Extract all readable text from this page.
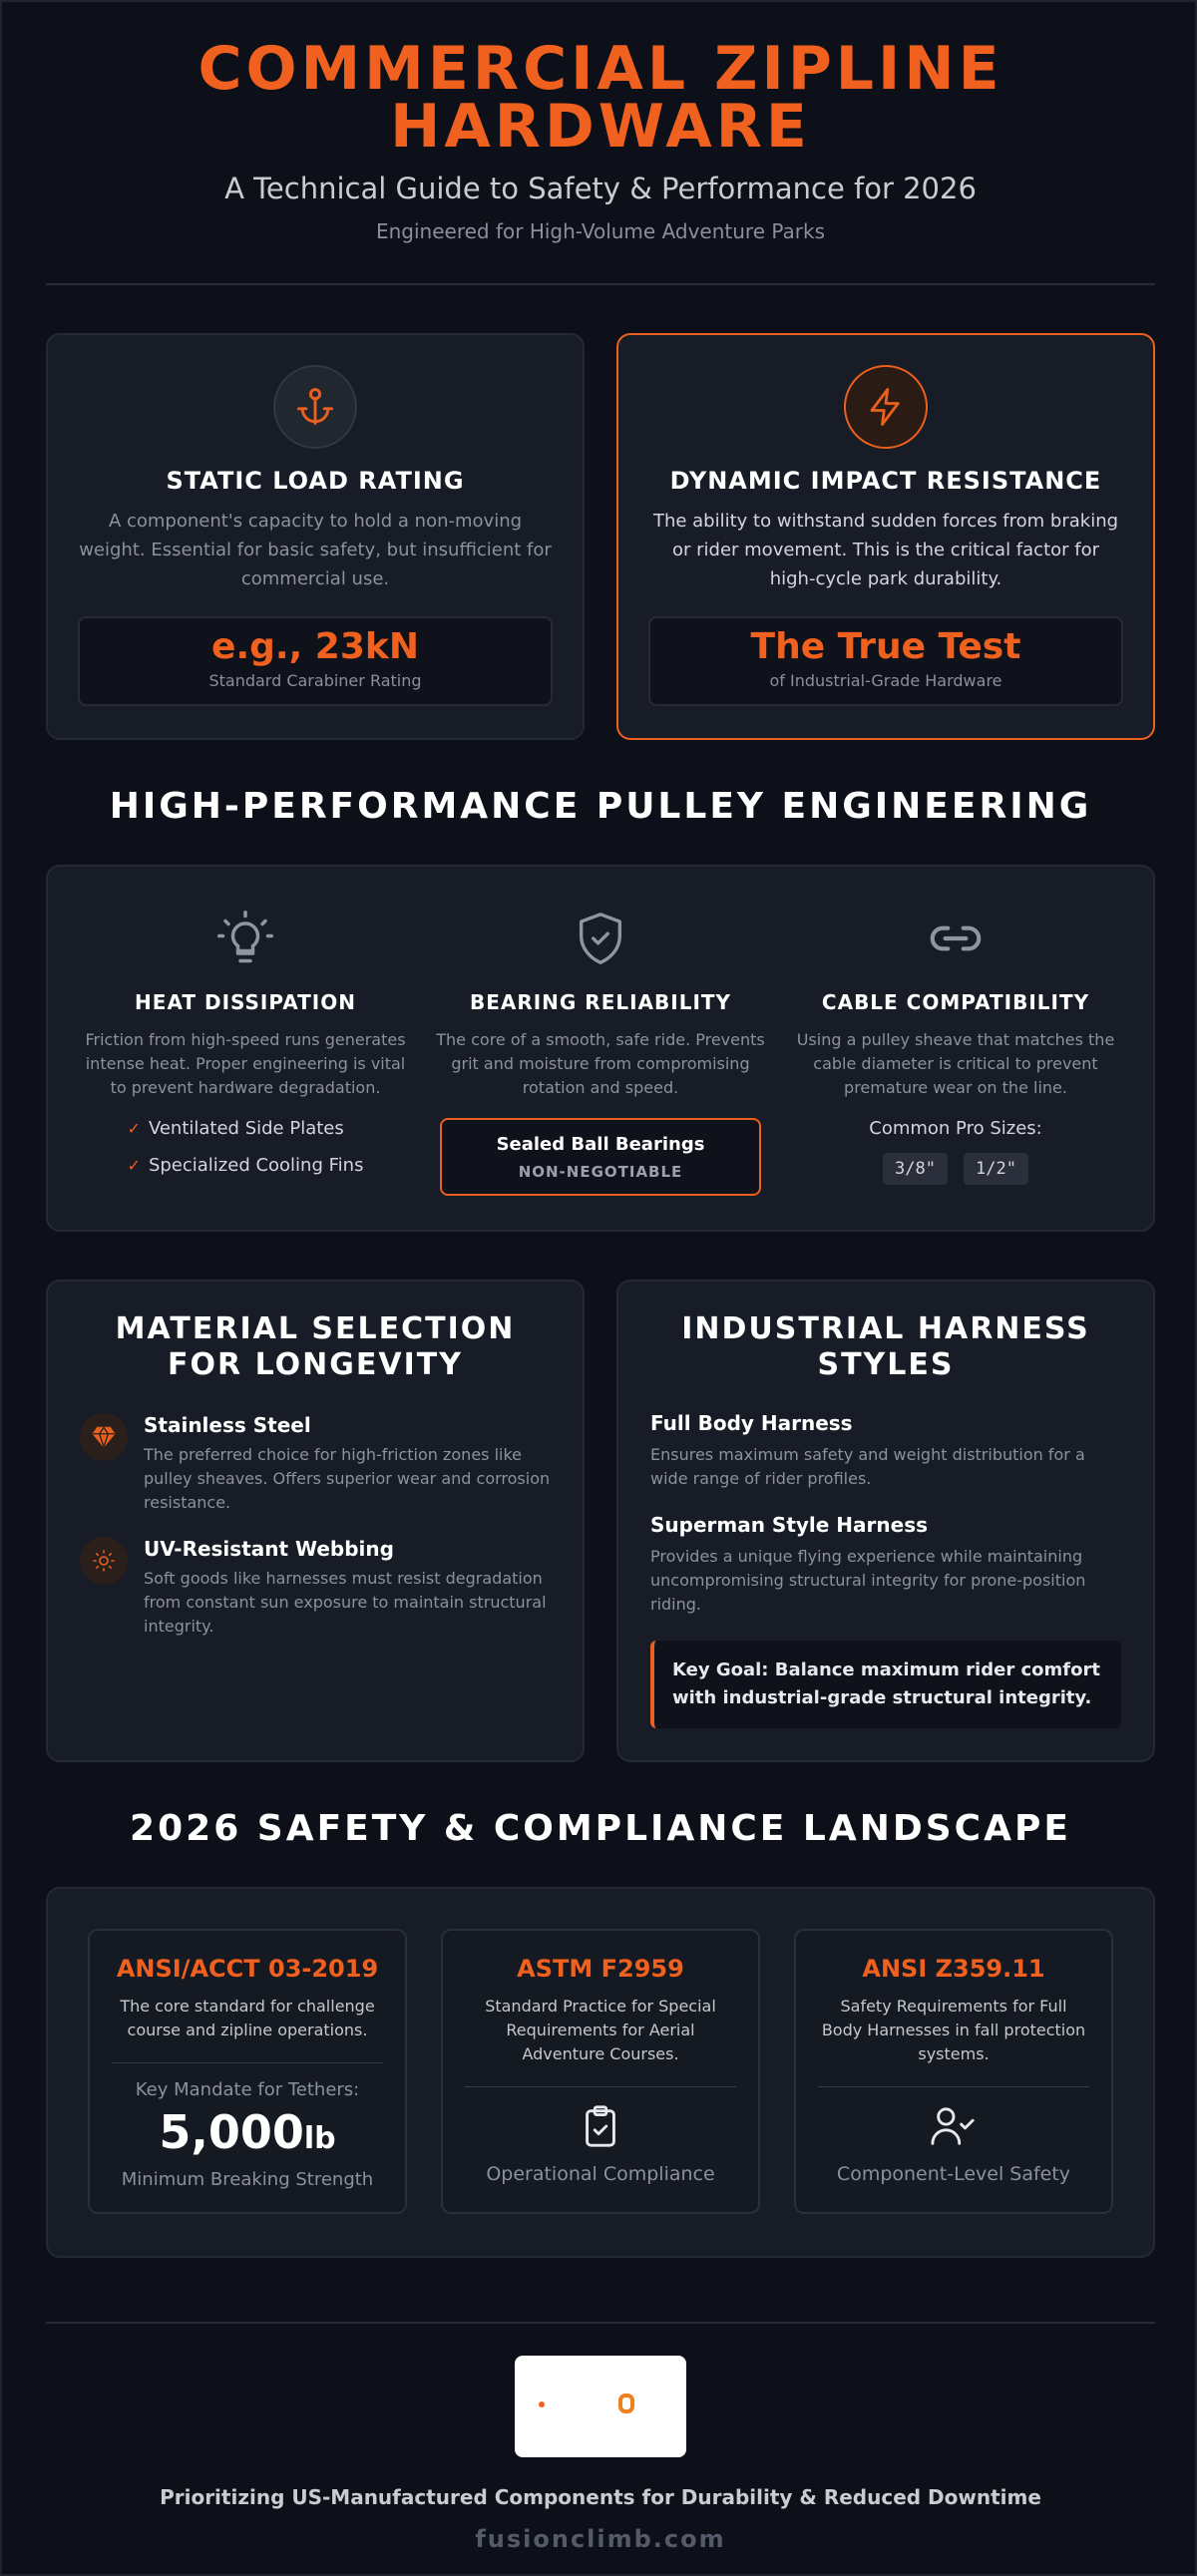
COMMERCIAL ZIPLINE
HARDWARE
A Technical Guide to Safety & Performance for 2026
Engineered for High-Volume Adventure Parks
STATIC LOAD RATING

A component's capacity to hold a non-moving weight. Essential for basic safety, but insufficient for commercial use.

e.g., 23kN
Standard Carabiner Rating
DYNAMIC IMPACT RESISTANCE

The ability to withstand sudden forces from braking or rider movement. This is the critical factor for high-cycle park durability.

The True Test
of Industrial-Grade Hardware
HIGH-PERFORMANCE PULLEY ENGINEERING
HEAT DISSIPATION

Friction from high-speed runs generates intense heat. Proper engineering is vital to prevent hardware degradation.

✓ Ventilated Side Plates
✓ Specialized Cooling Fins
BEARING RELIABILITY

The core of a smooth, safe ride. Prevents grit and moisture from compromising rotation and speed.

Sealed Ball Bearings
NON-NEGOTIABLE
CABLE COMPATIBILITY

Using a pulley sheave that matches the cable diameter is critical to prevent premature wear on the line.

Common Pro Sizes:
3/8"	1/2"
MATERIAL SELECTION
FOR LONGEVITY
Stainless Steel

The preferred choice for high-friction zones like pulley sheaves. Offers superior wear and corrosion resistance.

UV-Resistant Webbing

Soft goods like harnesses must resist degradation from constant sun exposure to maintain structural integrity.

INDUSTRIAL HARNESS
STYLES
Full Body Harness

Ensures maximum safety and weight distribution for a wide range of rider profiles.

Superman Style Harness

Provides a unique flying experience while maintaining uncompromising structural integrity for prone-position riding.

Key Goal: Balance maximum rider comfort with industrial-grade structural integrity.
2026 SAFETY & COMPLIANCE LANDSCAPE
ANSI/ACCT 03-2019

The core standard for challenge course and zipline operations.

Key Mandate for Tethers:
5,000lb
Minimum Breaking Strength
ASTM F2959

Standard Practice for Special Requirements for Aerial Adventure Courses.

Operational Compliance
ANSI Z359.11

Safety Requirements for Full Body Harnesses in fall protection systems.

Component-Level Safety
Prioritizing US-Manufactured Components for Durability & Reduced Downtime
fusionclimb.com
